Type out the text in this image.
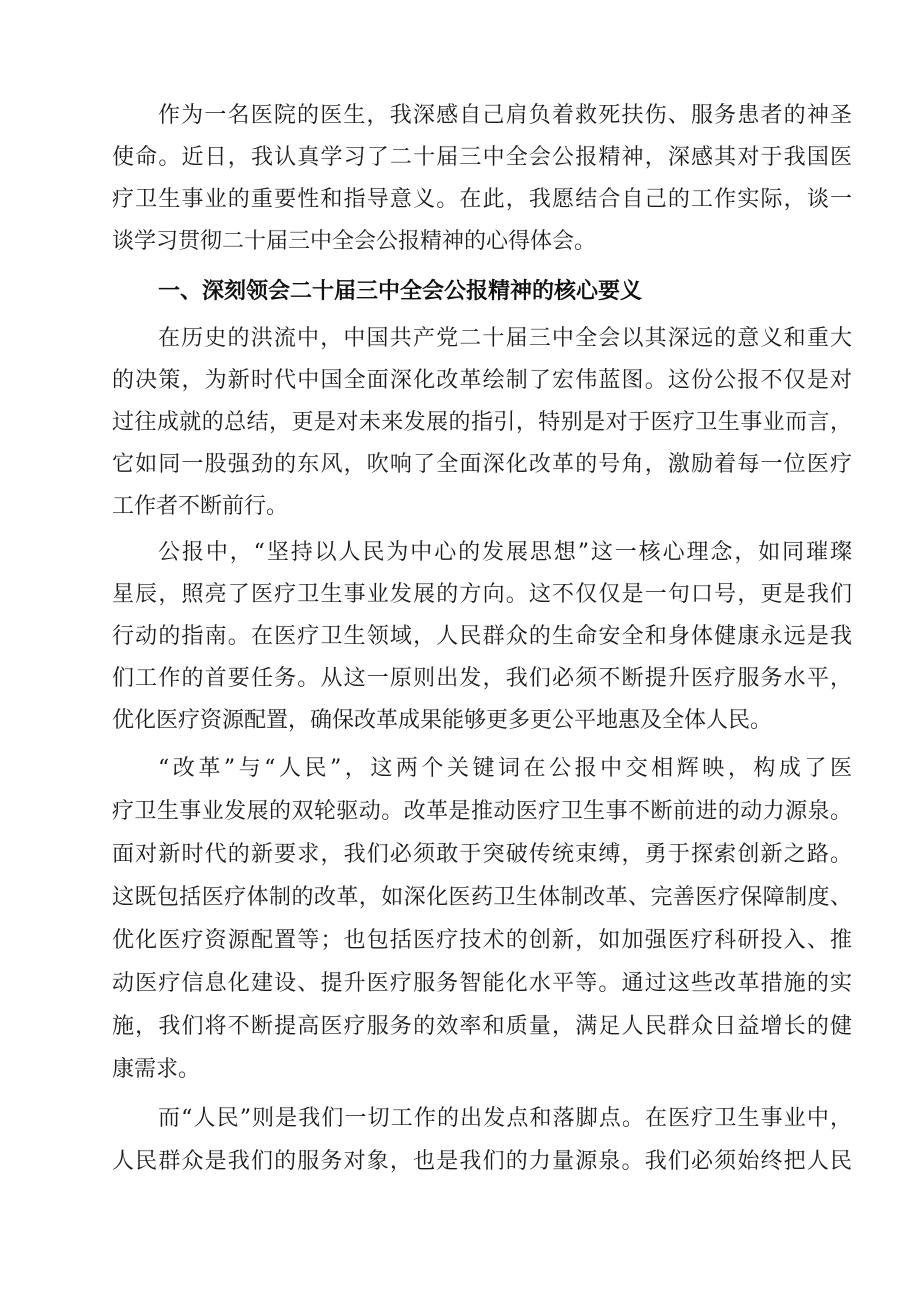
作为一名医院的医生，我深感自己肩负着救死扶伤、服务患者的神圣
使命。近日，我认真学习了二十届三中全会公报精神，深感其对于我国医
疗卫生事业的重要性和指导意义。在此，我愿结合自己的工作实际，谈一
谈学习贯彻二十届三中全会公报精神的心得体会。
一、深刻领会二十届三中全会公报精神的核心要义
在历史的洪流中，中国共产党二十届三中全会以其深远的意义和重大
的决策，为新时代中国全面深化改革绘制了宏伟蓝图。这份公报不仅是对
过往成就的总结，更是对未来发展的指引，特别是对于医疗卫生事业而言，
它如同一股强劲的东风，吹响了全面深化改革的号角，激励着每一位医疗
工作者不断前行。
公报中，“坚持以人民为中心的发展思想”这一核心理念，如同璀璨
星辰，照亮了医疗卫生事业发展的方向。这不仅仅是一句口号，更是我们
行动的指南。在医疗卫生领域，人民群众的生命安全和身体健康永远是我
们工作的首要任务。从这一原则出发，我们必须不断提升医疗服务水平，
优化医疗资源配置，确保改革成果能够更多更公平地惠及全体人民。
“改革”与“人民”，这两个关键词在公报中交相辉映，构成了医
疗卫生事业发展的双轮驱动。改革是推动医疗卫生事不断前进的动力源泉。
面对新时代的新要求，我们必须敢于突破传统束缚，勇于探索创新之路。
这既包括医疗体制的改革，如深化医药卫生体制改革、完善医疗保障制度、
优化医疗资源配置等；也包括医疗技术的创新，如加强医疗科研投入、推
动医疗信息化建设、提升医疗服务智能化水平等。通过这些改革措施的实
施，我们将不断提高医疗服务的效率和质量，满足人民群众日益增长的健
康需求。
而“人民”则是我们一切工作的出发点和落脚点。在医疗卫生事业中，
人民群众是我们的服务对象，也是我们的力量源泉。我们必须始终把人民
